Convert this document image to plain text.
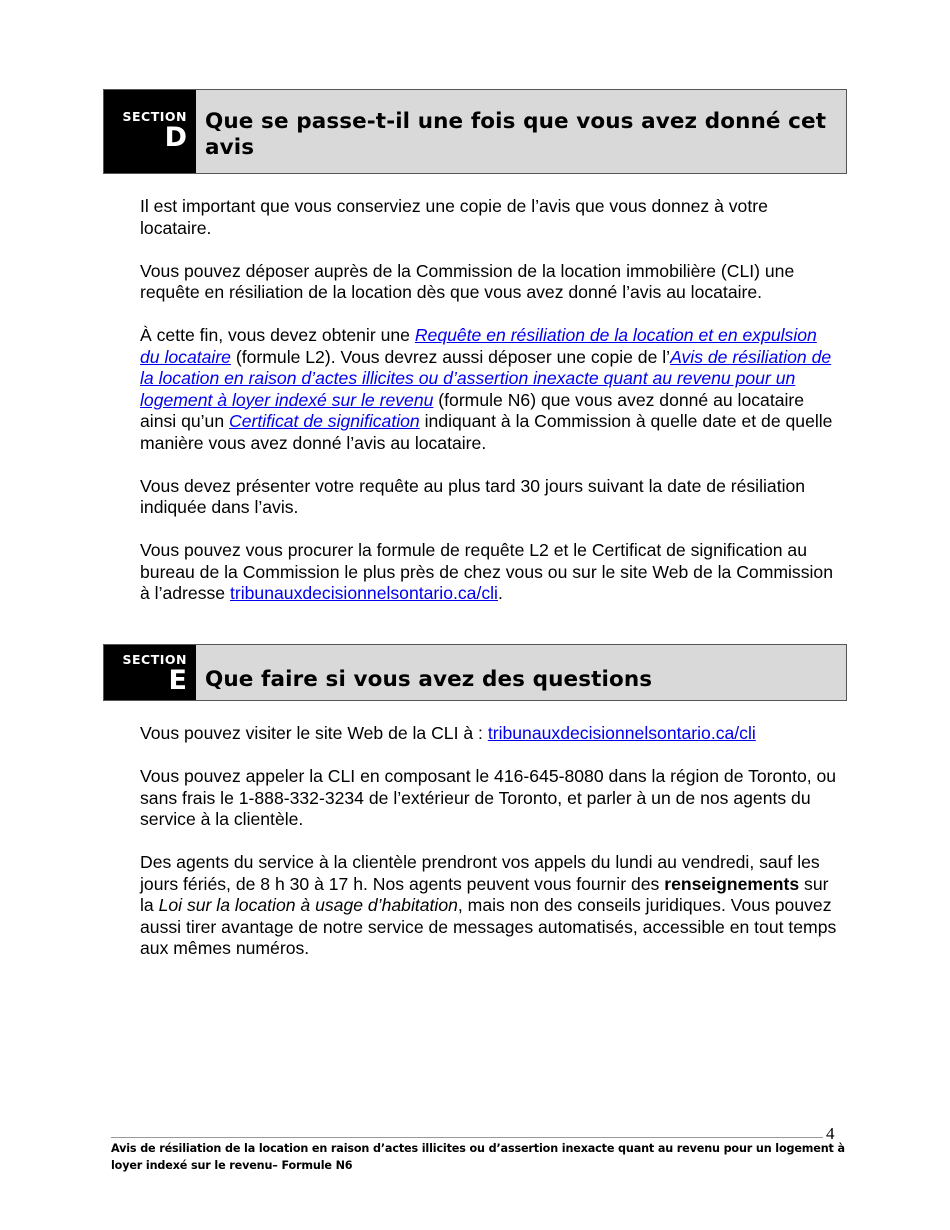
SECTION
D
Que se passe-t-il une fois que vous avez donné cet avis

Il est important que vous conserviez une copie de l’avis que vous donnez à votre locataire.

Vous pouvez déposer auprès de la Commission de la location immobilière (CLI) une requête en résiliation de la location dès que vous avez donné l’avis au locataire.

À cette fin, vous devez obtenir une Requête en résiliation de la location et en expulsion du locataire (formule L2). Vous devrez aussi déposer une copie de l’Avis de résiliation de la location en raison d’actes illicites ou d’assertion inexacte quant au revenu pour un logement à loyer indexé sur le revenu (formule N6) que vous avez donné au locataire ainsi qu’un Certificat de signification indiquant à la Commission à quelle date et de quelle manière vous avez donné l’avis au locataire.

Vous devez présenter votre requête au plus tard 30 jours suivant la date de résiliation indiquée dans l’avis.

Vous pouvez vous procurer la formule de requête L2 et le Certificat de signification au bureau de la Commission le plus près de chez vous ou sur le site Web de la Commission à l’adresse tribunauxdecisionnelsontario.ca/cli.

SECTION
E Que faire si vous avez des questions

Vous pouvez visiter le site Web de la CLI à : tribunauxdecisionnelsontario.ca/cli

Vous pouvez appeler la CLI en composant le 416-645-8080 dans la région de Toronto, ou sans frais le 1-888-332-3234 de l’extérieur de Toronto, et parler à un de nos agents du service à la clientèle.

Des agents du service à la clientèle prendront vos appels du lundi au vendredi, sauf les jours fériés, de 8 h 30 à 17 h. Nos agents peuvent vous fournir des renseignements sur la Loi sur la location à usage d’habitation, mais non des conseils juridiques. Vous pouvez aussi tirer avantage de notre service de messages automatisés, accessible en tout temps aux mêmes numéros.

4
Avis de résiliation de la location en raison d’actes illicites ou d’assertion inexacte quant au revenu pour un logement à loyer indexé sur le revenu– Formule N6
